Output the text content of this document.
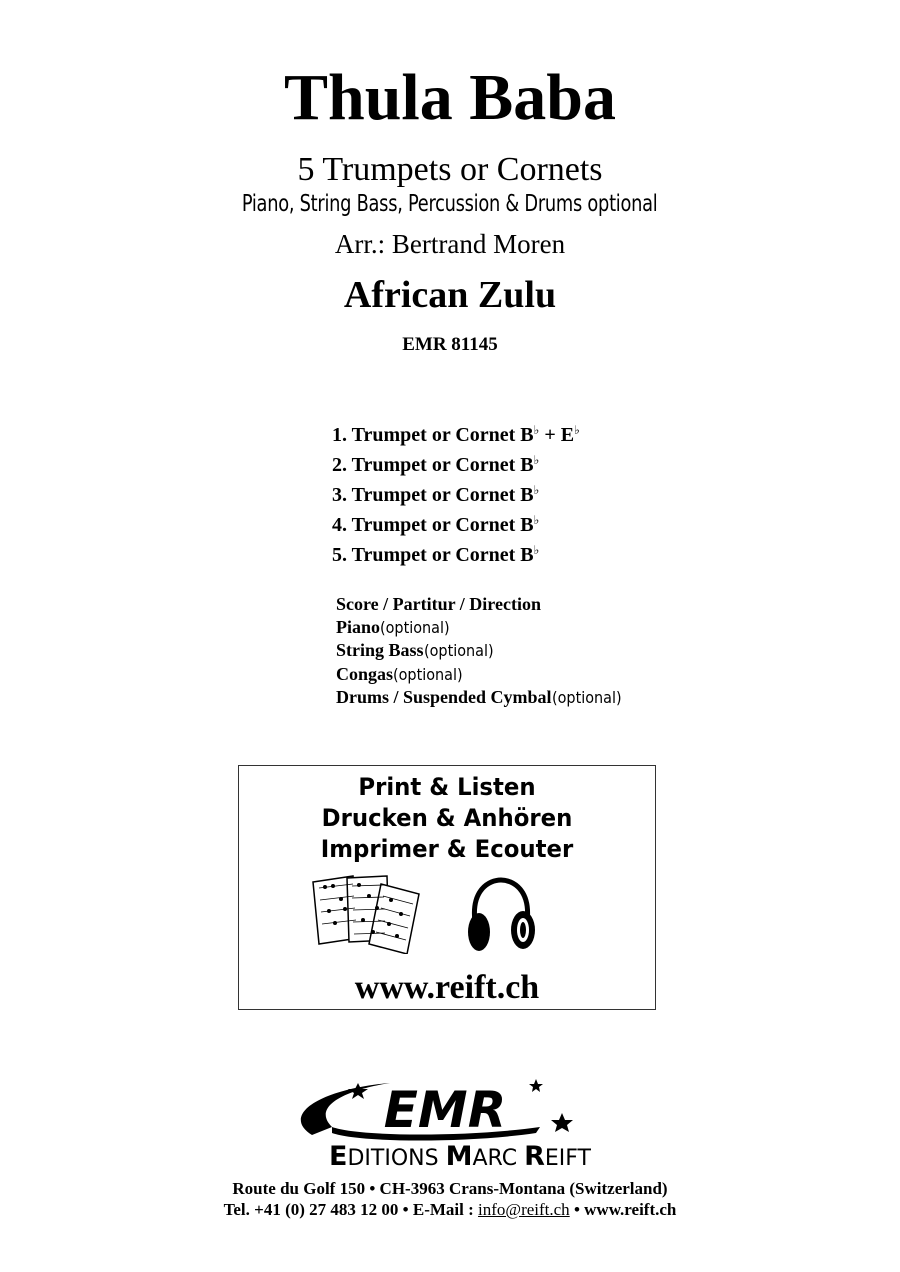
Thula Baba
5 Trumpets or Cornets
Piano, String Bass, Percussion & Drums optional
Arr.: Bertrand Moren
African Zulu
EMR 81145
1. Trumpet or Cornet B♭ + E♭
2. Trumpet or Cornet B♭
3. Trumpet or Cornet B♭
4. Trumpet or Cornet B♭
5. Trumpet or Cornet B♭
Score / Partitur / Direction
Piano(optional)
String Bass(optional)
Congas(optional)
Drums / Suspended Cymbal(optional)
Print & Listen
Drucken & Anhören
Imprimer & Ecouter
www.reift.ch
EMR
EDITIONS MARC REIFT
Route du Golf 150 • CH-3963 Crans-Montana (Switzerland)
Tel. +41 (0) 27 483 12 00 • E-Mail : info@reift.ch • www.reift.ch
